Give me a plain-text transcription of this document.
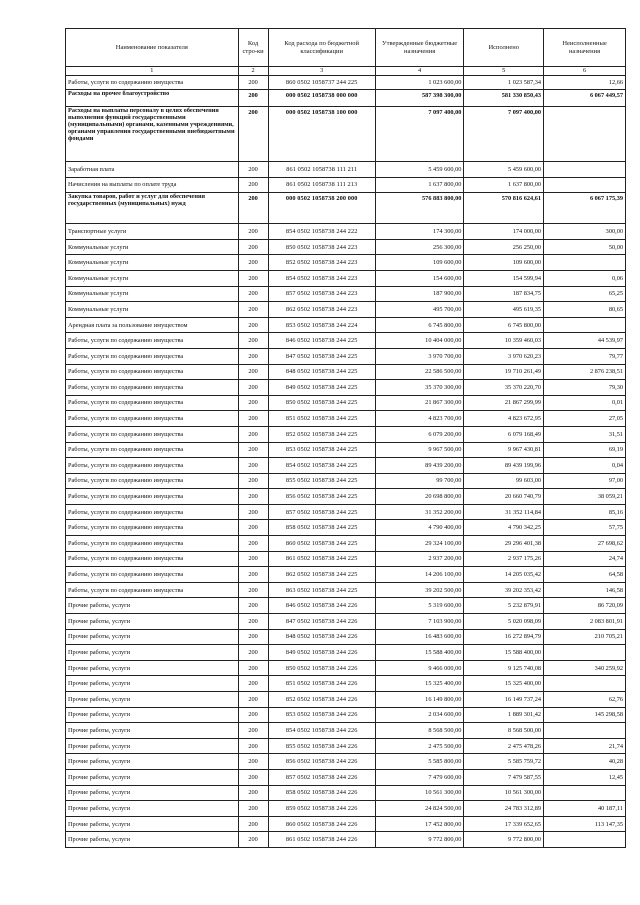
Наименование показателя	Код стро-ки	Код расхода по бюджетной классификации	Утвержденные бюджетные назначения	Исполнено	Неисполненные назначения
1	2	3	4	5	6
Работы, услуги по содержанию имущества	200	860 0502 1058737 244 225	1 023 600,00	1 023 587,34	12,66
Расходы на прочее благоустройство	200	000 0502 1058738 000 000	587 398 300,00	581 330 850,43	6 067 449,57
Расходы на выплаты персоналу в целях обеспечения выполнения функций государственными (муниципальными) органами, казенными учреждениями, органами управления государственными внебюджетными фондами	200	000 0502 1058738 100 000	7 097 400,00	7 097 400,00	
Заработная плата	200	861 0502 1058738 111 211	5 459 600,00	5 459 600,00	
Начисления на выплаты по оплате труда	200	861 0502 1058738 111 213	1 637 800,00	1 637 800,00	
Закупка товаров, работ и услуг для обеспечения государственных (муниципальных) нужд	200	000 0502 1058738 200 000	576 883 800,00	570 816 624,61	6 067 175,39
Транспортные услуги	200	854 0502 1058738 244 222	174 300,00	174 000,00	300,00
Коммунальные услуги	200	850 0502 1058738 244 223	256 300,00	256 250,00	50,00
Коммунальные услуги	200	852 0502 1058738 244 223	109 600,00	109 600,00	
Коммунальные услуги	200	854 0502 1058738 244 223	154 600,00	154 599,94	0,06
Коммунальные услуги	200	857 0502 1058738 244 223	187 900,00	187 834,75	65,25
Коммунальные услуги	200	862 0502 1058738 244 223	495 700,00	495 619,35	80,65
Арендная плата за пользование имуществом	200	853 0502 1058738 244 224	6 745 800,00	6 745 800,00	
Работы, услуги по содержанию имущества	200	846 0502 1058738 244 225	10 404 000,00	10 359 460,03	44 539,97
Работы, услуги по содержанию имущества	200	847 0502 1058738 244 225	3 970 700,00	3 970 620,23	79,77
Работы, услуги по содержанию имущества	200	848 0502 1058738 244 225	22 586 500,00	19 710 261,49	2 876 238,51
Работы, услуги по содержанию имущества	200	849 0502 1058738 244 225	35 370 300,00	35 370 220,70	79,30
Работы, услуги по содержанию имущества	200	850 0502 1058738 244 225	21 867 300,00	21 867 299,99	0,01
Работы, услуги по содержанию имущества	200	851 0502 1058738 244 225	4 823 700,00	4 823 672,95	27,05
Работы, услуги по содержанию имущества	200	852 0502 1058738 244 225	6 079 200,00	6 079 168,49	31,51
Работы, услуги по содержанию имущества	200	853 0502 1058738 244 225	9 967 500,00	9 967 430,81	69,19
Работы, услуги по содержанию имущества	200	854 0502 1058738 244 225	89 439 200,00	89 439 199,96	0,04
Работы, услуги по содержанию имущества	200	855 0502 1058738 244 225	99 700,00	99 603,00	97,00
Работы, услуги по содержанию имущества	200	856 0502 1058738 244 225	20 698 800,00	20 660 740,79	38 059,21
Работы, услуги по содержанию имущества	200	857 0502 1058738 244 225	31 352 200,00	31 352 114,84	85,16
Работы, услуги по содержанию имущества	200	858 0502 1058738 244 225	4 790 400,00	4 790 342,25	57,75
Работы, услуги по содержанию имущества	200	860 0502 1058738 244 225	29 324 100,00	29 296 401,38	27 698,62
Работы, услуги по содержанию имущества	200	861 0502 1058738 244 225	2 937 200,00	2 937 175,26	24,74
Работы, услуги по содержанию имущества	200	862 0502 1058738 244 225	14 206 100,00	14 205 035,42	64,58
Работы, услуги по содержанию имущества	200	863 0502 1058738 244 225	39 202 500,00	39 202 353,42	146,58
Прочие работы, услуги	200	846 0502 1058738 244 226	5 319 600,00	5 232 879,91	86 720,09
Прочие работы, услуги	200	847 0502 1058738 244 226	7 103 900,00	5 020 098,09	2 083 801,91
Прочие работы, услуги	200	848 0502 1058738 244 226	16 483 600,00	16 272 894,79	210 705,21
Прочие работы, услуги	200	849 0502 1058738 244 226	15 588 400,00	15 588 400,00	
Прочие работы, услуги	200	850 0502 1058738 244 226	9 466 000,00	9 125 740,08	340 259,92
Прочие работы, услуги	200	851 0502 1058738 244 226	15 325 400,00	15 325 400,00	
Прочие работы, услуги	200	852 0502 1058738 244 226	16 149 800,00	16 149 737,24	62,76
Прочие работы, услуги	200	853 0502 1058738 244 226	2 034 600,00	1 889 301,42	145 298,58
Прочие работы, услуги	200	854 0502 1058738 244 226	8 568 500,00	8 568 500,00	
Прочие работы, услуги	200	855 0502 1058738 244 226	2 475 500,00	2 475 478,26	21,74
Прочие работы, услуги	200	856 0502 1058738 244 226	5 585 800,00	5 585 759,72	40,28
Прочие работы, услуги	200	857 0502 1058738 244 226	7 479 600,00	7 479 587,55	12,45
Прочие работы, услуги	200	858 0502 1058738 244 226	10 561 300,00	10 561 300,00	
Прочие работы, услуги	200	859 0502 1058738 244 226	24 824 500,00	24 783 312,89	40 187,11
Прочие работы, услуги	200	860 0502 1058738 244 226	17 452 800,00	17 339 652,65	113 147,35
Прочие работы, услуги	200	861 0502 1058738 244 226	9 772 800,00	9 772 800,00	
